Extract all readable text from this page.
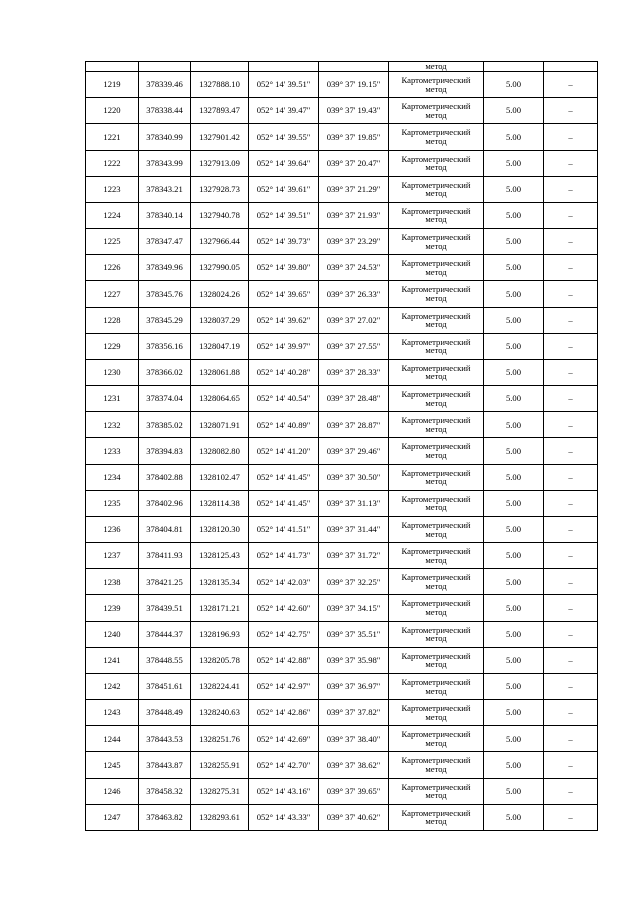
					метод		

1219	378339.46	1327888.10	052° 14' 39.51"	039° 37' 19.15"	Картометрический
метод	5.00	–
1220	378338.44	1327893.47	052° 14' 39.47"	039° 37' 19.43"	Картометрический
метод	5.00	–
1221	378340.99	1327901.42	052° 14' 39.55"	039° 37' 19.85"	Картометрический
метод	5.00	–
1222	378343.99	1327913.09	052° 14' 39.64"	039° 37' 20.47"	Картометрический
метод	5.00	–
1223	378343.21	1327928.73	052° 14' 39.61"	039° 37' 21.29"	Картометрический
метод	5.00	–
1224	378340.14	1327940.78	052° 14' 39.51"	039° 37' 21.93"	Картометрический
метод	5.00	–
1225	378347.47	1327966.44	052° 14' 39.73"	039° 37' 23.29"	Картометрический
метод	5.00	–
1226	378349.96	1327990.05	052° 14' 39.80"	039° 37' 24.53"	Картометрический
метод	5.00	–
1227	378345.76	1328024.26	052° 14' 39.65"	039° 37' 26.33"	Картометрический
метод	5.00	–
1228	378345.29	1328037.29	052° 14' 39.62"	039° 37' 27.02"	Картометрический
метод	5.00	–
1229	378356.16	1328047.19	052° 14' 39.97"	039° 37' 27.55"	Картометрический
метод	5.00	–
1230	378366.02	1328061.88	052° 14' 40.28"	039° 37' 28.33"	Картометрический
метод	5.00	–
1231	378374.04	1328064.65	052° 14' 40.54"	039° 37' 28.48"	Картометрический
метод	5.00	–
1232	378385.02	1328071.91	052° 14' 40.89"	039° 37' 28.87"	Картометрический
метод	5.00	–
1233	378394.83	1328082.80	052° 14' 41.20"	039° 37' 29.46"	Картометрический
метод	5.00	–
1234	378402.88	1328102.47	052° 14' 41.45"	039° 37' 30.50"	Картометрический
метод	5.00	–
1235	378402.96	1328114.38	052° 14' 41.45"	039° 37' 31.13"	Картометрический
метод	5.00	–
1236	378404.81	1328120.30	052° 14' 41.51"	039° 37' 31.44"	Картометрический
метод	5.00	–
1237	378411.93	1328125.43	052° 14' 41.73"	039° 37' 31.72"	Картометрический
метод	5.00	–
1238	378421.25	1328135.34	052° 14' 42.03"	039° 37' 32.25"	Картометрический
метод	5.00	–
1239	378439.51	1328171.21	052° 14' 42.60"	039° 37' 34.15"	Картометрический
метод	5.00	–
1240	378444.37	1328196.93	052° 14' 42.75"	039° 37' 35.51"	Картометрический
метод	5.00	–
1241	378448.55	1328205.78	052° 14' 42.88"	039° 37' 35.98"	Картометрический
метод	5.00	–
1242	378451.61	1328224.41	052° 14' 42.97"	039° 37' 36.97"	Картометрический
метод	5.00	–
1243	378448.49	1328240.63	052° 14' 42.86"	039° 37' 37.82"	Картометрический
метод	5.00	–
1244	378443.53	1328251.76	052° 14' 42.69"	039° 37' 38.40"	Картометрический
метод	5.00	–
1245	378443.87	1328255.91	052° 14' 42.70"	039° 37' 38.62"	Картометрический
метод	5.00	–
1246	378458.32	1328275.31	052° 14' 43.16"	039° 37' 39.65"	Картометрический
метод	5.00	–
1247	378463.82	1328293.61	052° 14' 43.33"	039° 37' 40.62"	Картометрический
метод	5.00	–
